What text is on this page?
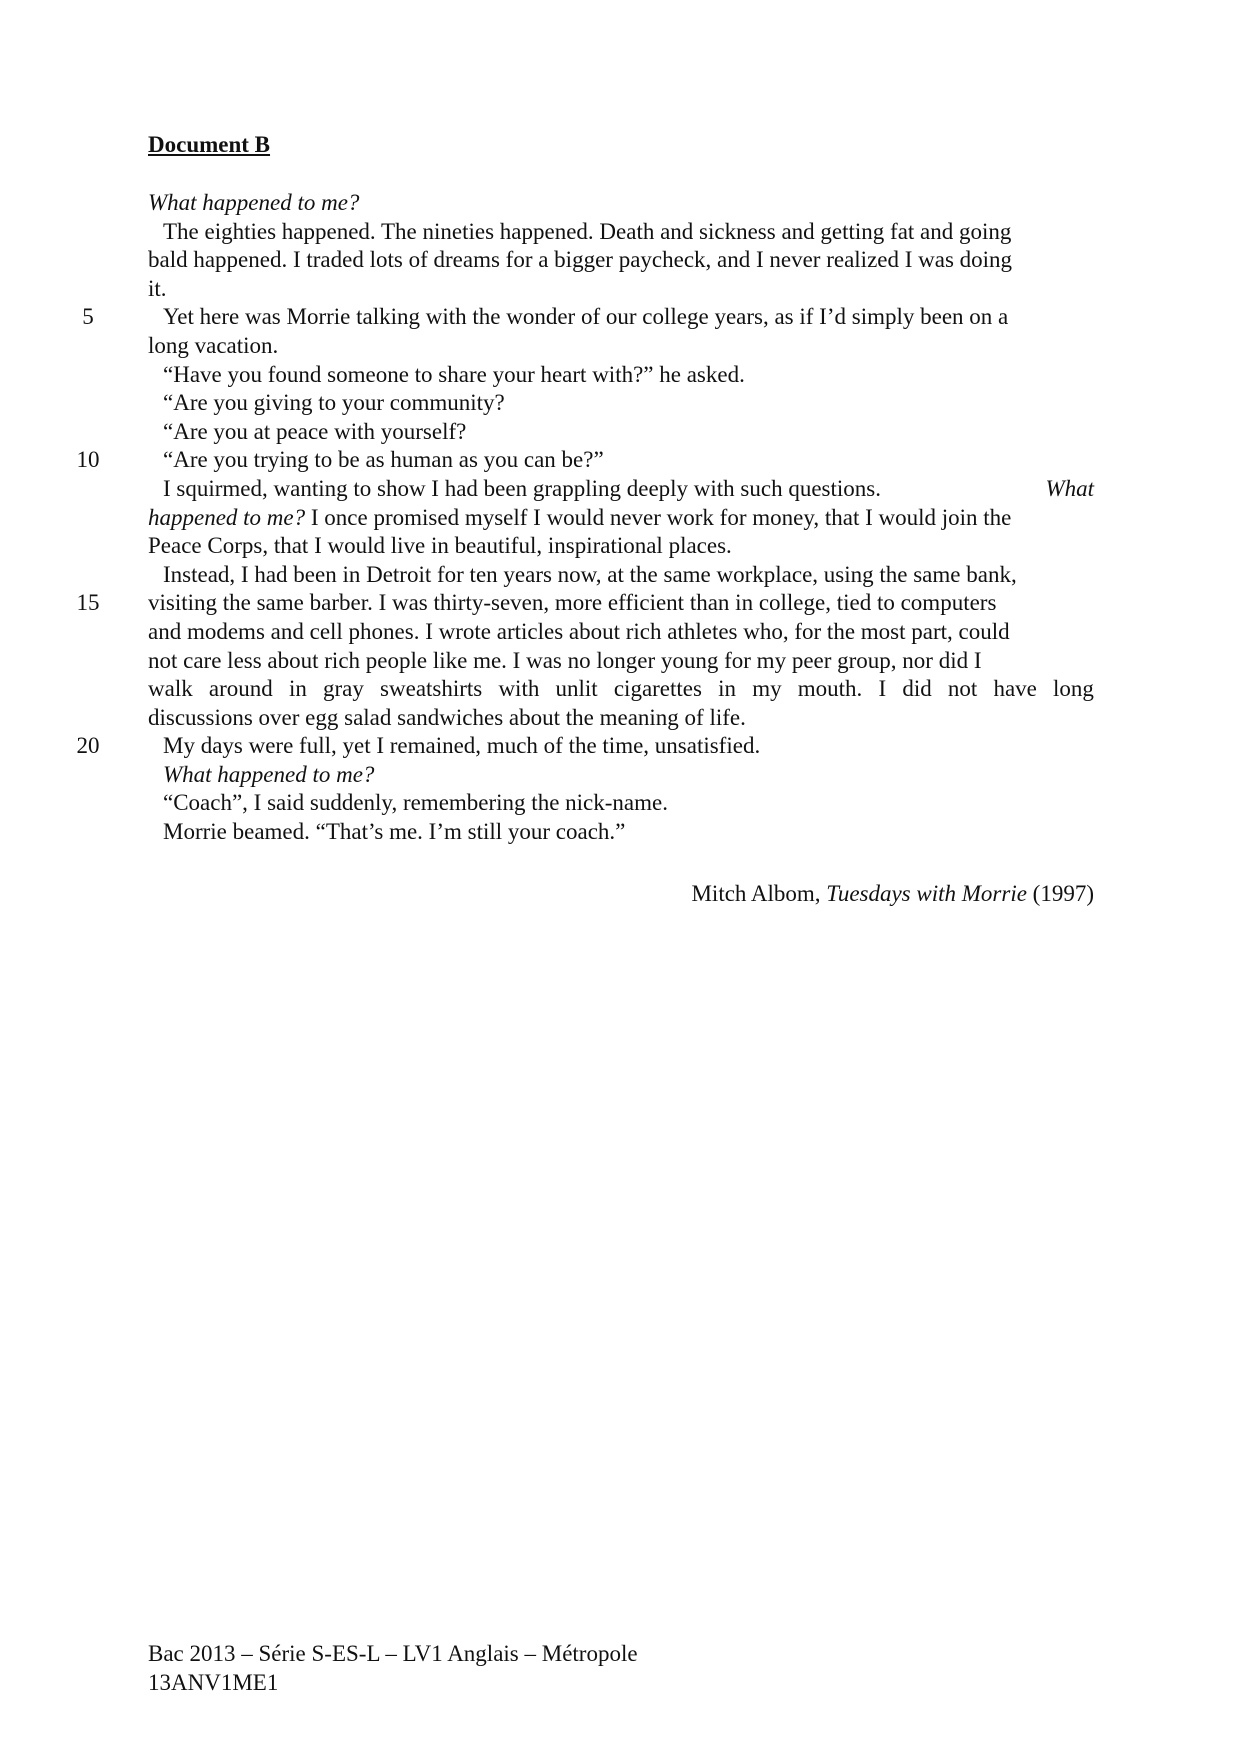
Document B
What happened to me?
The eighties happened. The nineties happened. Death and sickness and getting fat and going
bald happened. I traded lots of dreams for a bigger paycheck, and I never realized I was doing
it.
5	Yet here was Morrie talking with the wonder of our college years, as if I’d simply been on a
long vacation.
“Have you found someone to share your heart with?” he asked.
“Are you giving to your community?
“Are you at peace with yourself?
10	“Are you trying to be as human as you can be?”
I squirmed, wanting to show I had been grappling deeply with such questions.	What
happened to me? I once promised myself I would never work for money, that I would join the
Peace Corps, that I would live in beautiful, inspirational places.
Instead, I had been in Detroit for ten years now, at the same workplace, using the same bank,
15	visiting the same barber. I was thirty-seven, more efficient than in college, tied to computers
and modems and cell phones. I wrote articles about rich athletes who, for the most part, could
not care less about rich people like me. I was no longer young for my peer group, nor did I
walk around in gray sweatshirts with unlit cigarettes in my mouth. I did not have long
discussions over egg salad sandwiches about the meaning of life.
20	My days were full, yet I remained, much of the time, unsatisfied.
What happened to me?
“Coach”, I said suddenly, remembering the nick-name.
Morrie beamed. “That’s me. I’m still your coach.”
Mitch Albom, Tuesdays with Morrie (1997)
Bac 2013 – Série S-ES-L – LV1 Anglais – Métropole
13ANV1ME1
